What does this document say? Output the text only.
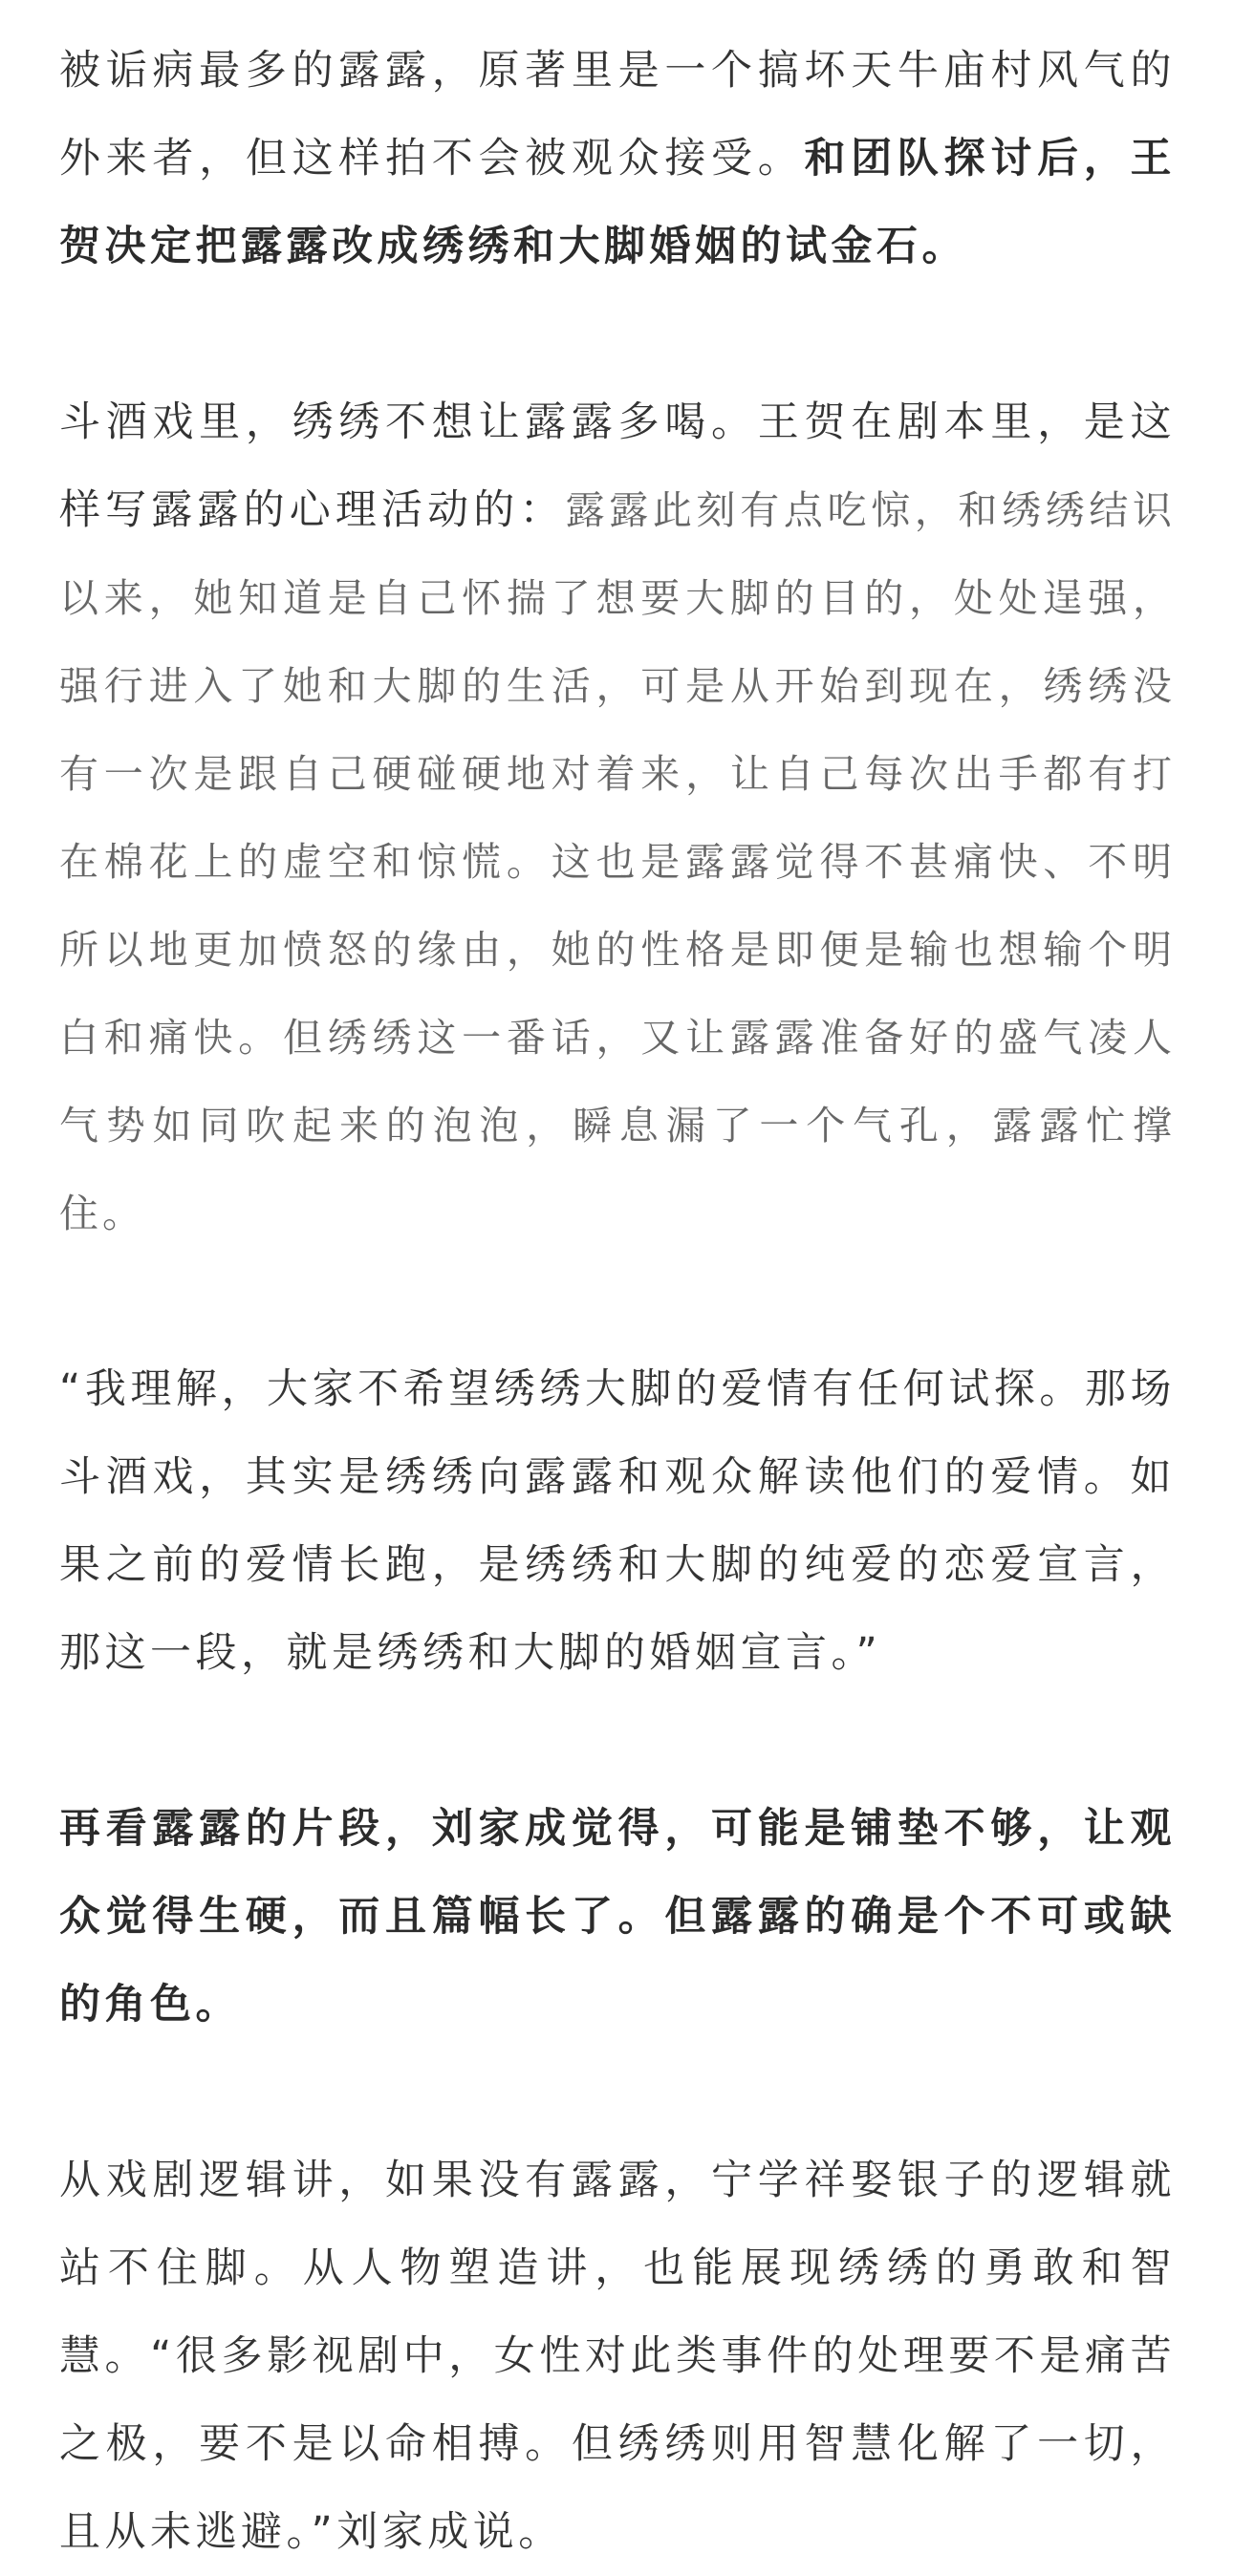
被诟病最多的露露，原著里是一个搞坏天牛庙村风气的外来者，但这样拍不会被观众接受。和团队探讨后，王贺决定把露露改成绣绣和大脚婚姻的试金石。

斗酒戏里，绣绣不想让露露多喝。王贺在剧本里，是这样写露露的心理活动的：露露此刻有点吃惊，和绣绣结识以来，她知道是自己怀揣了想要大脚的目的，处处逞强，强行进入了她和大脚的生活，可是从开始到现在，绣绣没有一次是跟自己硬碰硬地对着来，让自己每次出手都有打在棉花上的虚空和惊慌。这也是露露觉得不甚痛快、不明所以地更加愤怒的缘由，她的性格是即便是输也想输个明白和痛快。但绣绣这一番话，又让露露准备好的盛气凌人气势如同吹起来的泡泡，瞬息漏了一个气孔，露露忙撑住。

“我理解，大家不希望绣绣大脚的爱情有任何试探。那场斗酒戏，其实是绣绣向露露和观众解读他们的爱情。如果之前的爱情长跑，是绣绣和大脚的纯爱的恋爱宣言，那这一段，就是绣绣和大脚的婚姻宣言。”

再看露露的片段，刘家成觉得，可能是铺垫不够，让观众觉得生硬，而且篇幅长了。但露露的确是个不可或缺的角色。

从戏剧逻辑讲，如果没有露露，宁学祥娶银子的逻辑就站不住脚。从人物塑造讲，也能展现绣绣的勇敢和智慧。“很多影视剧中，女性对此类事件的处理要不是痛苦之极，要不是以命相搏。但绣绣则用智慧化解了一切，且从未逃避。”刘家成说。
